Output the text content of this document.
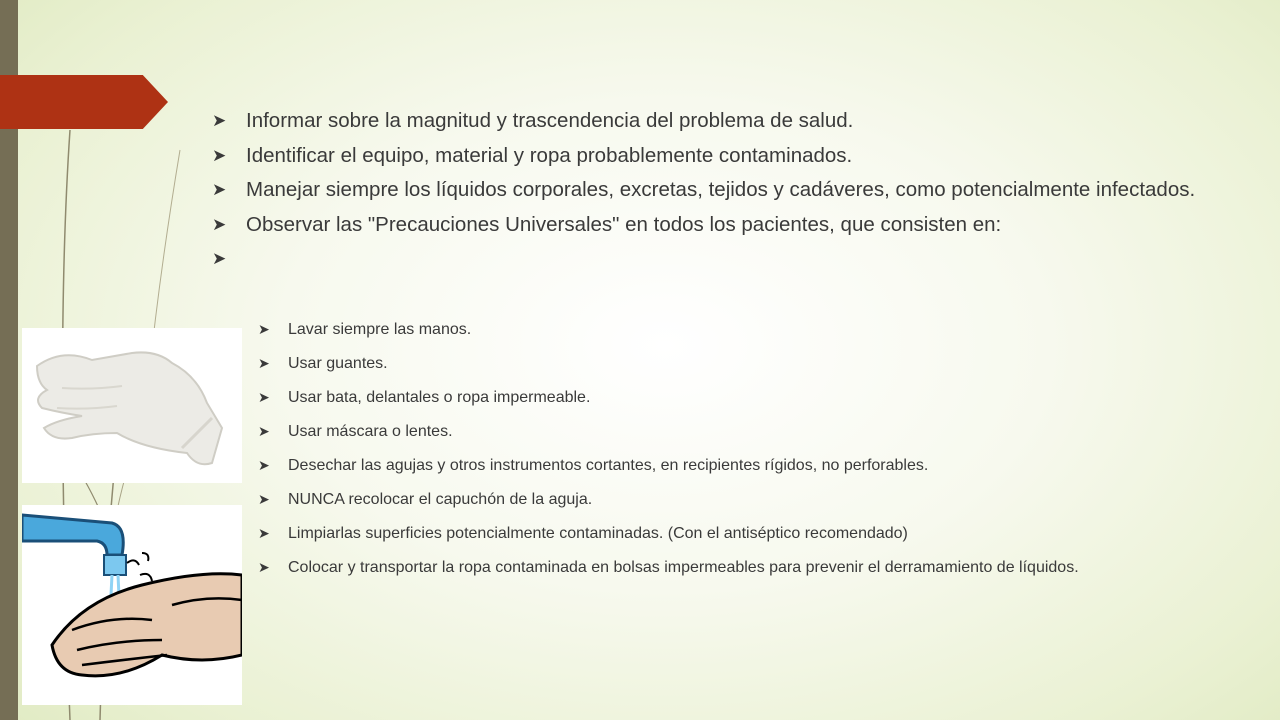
➤ Informar sobre la magnitud y trascendencia del problema de salud.
➤ Identificar el equipo, material y ropa probablemente contaminados.
➤ Manejar siempre los líquidos corporales, excretas, tejidos y cadáveres, como potencialmente infectados.
➤ Observar las "Precauciones Universales" en todos los pacientes, que consisten en:
➤
➤	Lavar siempre las manos.
➤	Usar guantes.
➤	Usar bata, delantales o ropa impermeable.
➤	Usar máscara o lentes.
➤	Desechar las agujas y otros instrumentos cortantes, en recipientes rígidos, no perforables.
➤	NUNCA recolocar el capuchón de la aguja.
➤	Limpiarlas superficies potencialmente contaminadas. (Con el antiséptico recomendado)
➤	Colocar y transportar la ropa contaminada en bolsas impermeables para prevenir el derramamiento de líquidos.
